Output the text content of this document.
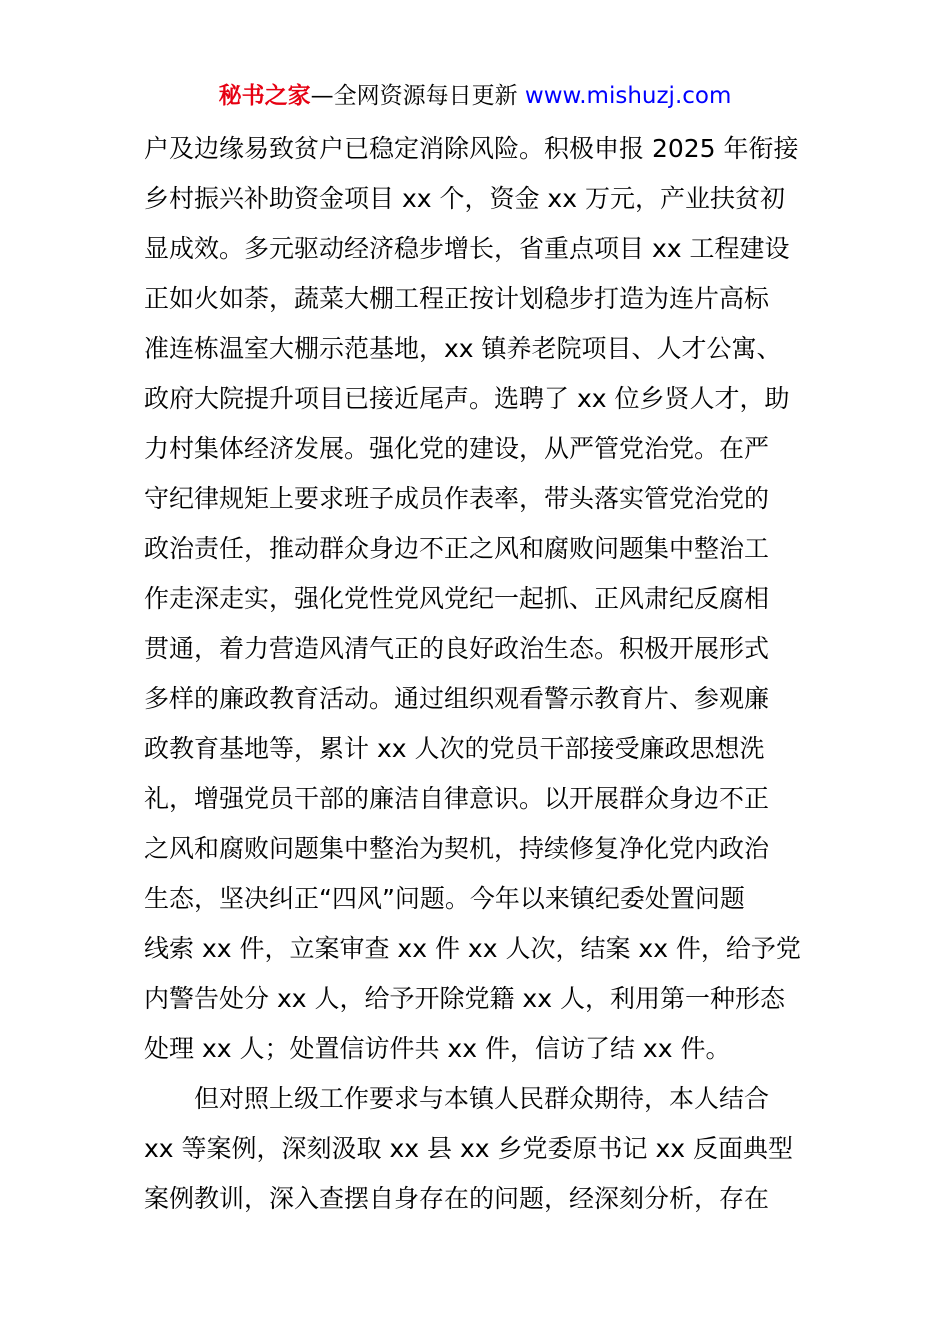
秘书之家—全网资源每日更新 www.mishuzj.com
户及边缘易致贫户已稳定消除风险。积极申报 2025 年衔接
乡村振兴补助资金项目 xx 个，资金 xx 万元，产业扶贫初
显成效。多元驱动经济稳步增长，省重点项目 xx 工程建设
正如火如荼，蔬菜大棚工程正按计划稳步打造为连片高标
准连栋温室大棚示范基地，xx 镇养老院项目、人才公寓、
政府大院提升项目已接近尾声。选聘了 xx 位乡贤人才，助
力村集体经济发展。强化党的建设，从严管党治党。在严
守纪律规矩上要求班子成员作表率，带头落实管党治党的
政治责任，推动群众身边不正之风和腐败问题集中整治工
作走深走实，强化党性党风党纪一起抓、正风肃纪反腐相
贯通，着力营造风清气正的良好政治生态。积极开展形式
多样的廉政教育活动。通过组织观看警示教育片、参观廉
政教育基地等，累计 xx 人次的党员干部接受廉政思想洗
礼，增强党员干部的廉洁自律意识。以开展群众身边不正
之风和腐败问题集中整治为契机，持续修复净化党内政治
生态，坚决纠正“四风”问题。今年以来镇纪委处置问题
线索 xx 件，立案审查 xx 件 xx 人次，结案 xx 件，给予党
内警告处分 xx 人，给予开除党籍 xx 人，利用第一种形态
处理 xx 人；处置信访件共 xx 件，信访了结 xx 件。
但对照上级工作要求与本镇人民群众期待，本人结合
xx 等案例，深刻汲取 xx 县 xx 乡党委原书记 xx 反面典型
案例教训，深入查摆自身存在的问题，经深刻分析，存在
